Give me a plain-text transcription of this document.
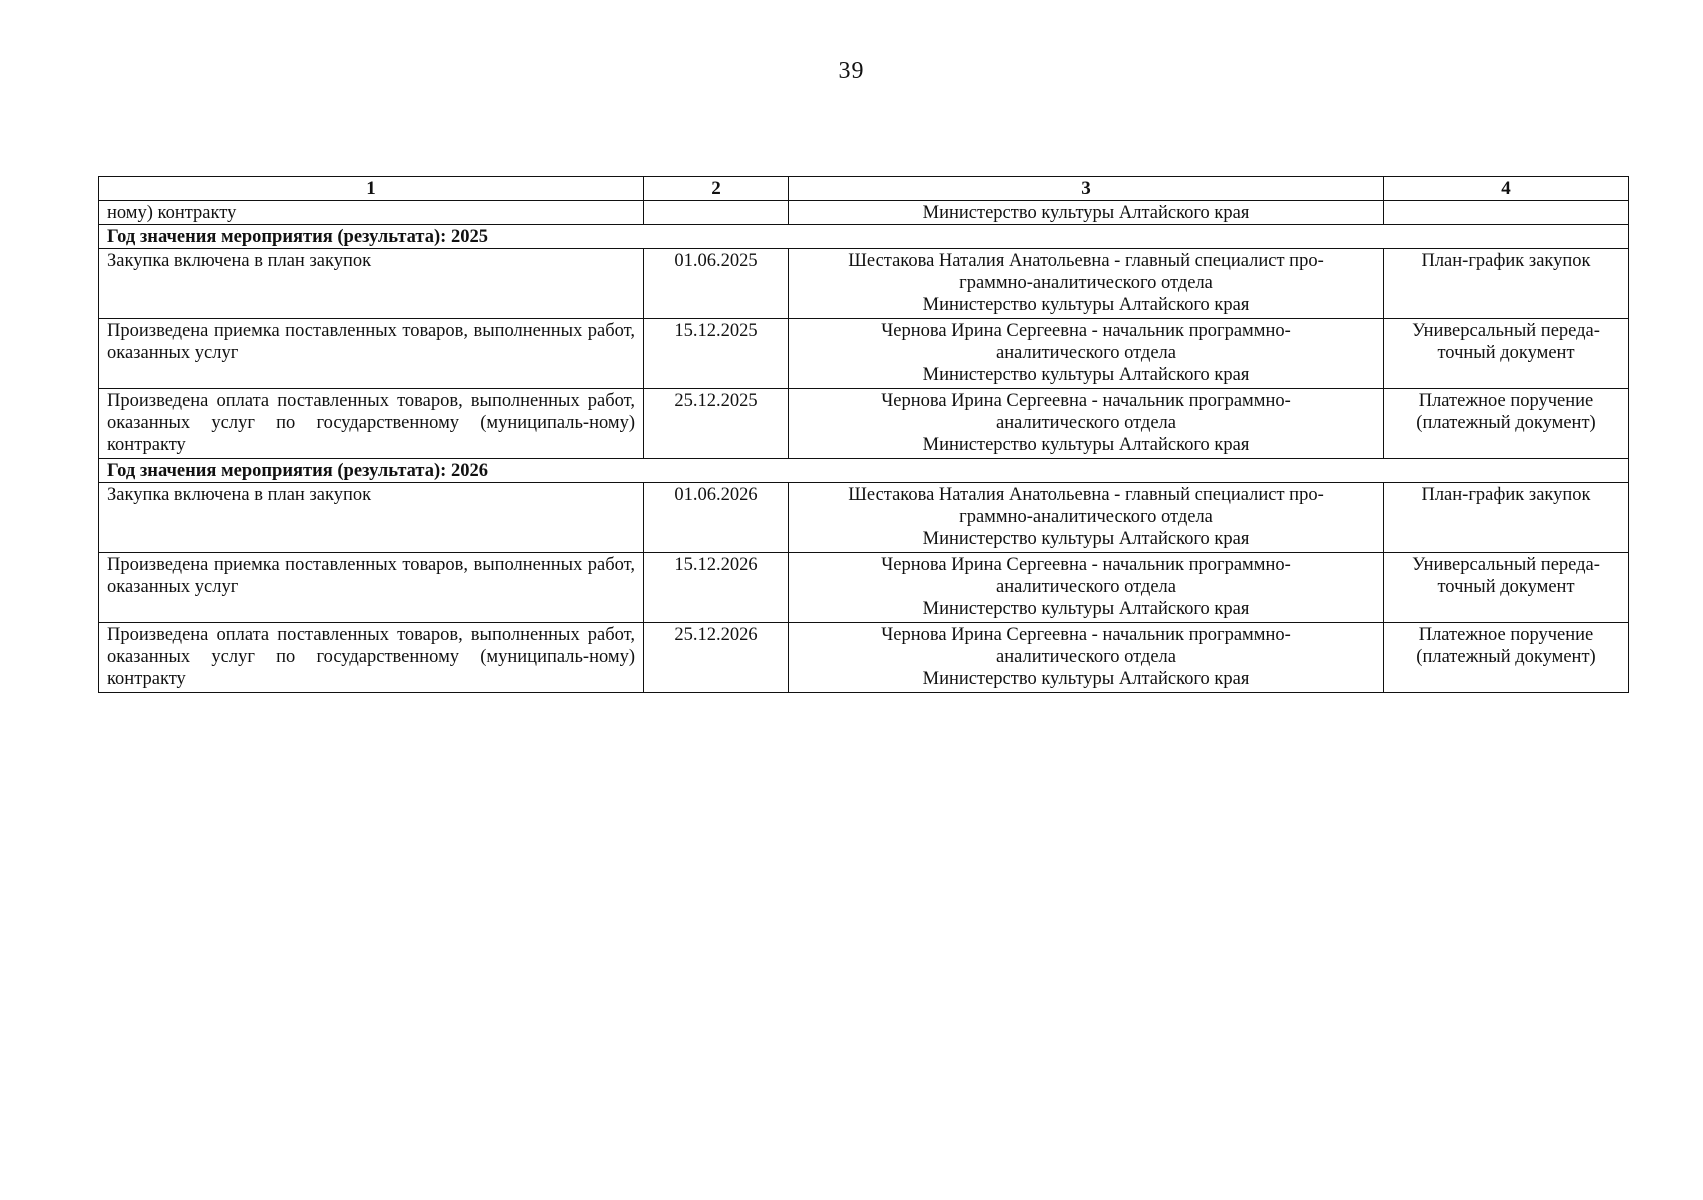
39
1	2	3	4
ному) контракту		Министерство культуры Алтайского края	
Год значения мероприятия (результата): 2025			
Закупка включена в план закупок	01.06.2025	Шестакова Наталия Анатольевна - главный специалист про-
граммно-аналитического отдела
Министерство культуры Алтайского края	План-график закупок

Произведена приемка поставленных товаров, выполненных работ, оказанных услуг	15.12.2025	Чернова Ирина Сергеевна - начальник программно-
аналитического отдела
Министерство культуры Алтайского края	Универсальный переда-
точный документ

Произведена оплата поставленных товаров, выполненных работ, оказанных услуг по государственному (муниципаль-ному) контракту	25.12.2025	Чернова Ирина Сергеевна - начальник программно-
аналитического отдела
Министерство культуры Алтайского края	Платежное поручение
(платежный документ)

Год значения мероприятия (результата): 2026			
Закупка включена в план закупок	01.06.2026	Шестакова Наталия Анатольевна - главный специалист про-
граммно-аналитического отдела
Министерство культуры Алтайского края	План-график закупок

Произведена приемка поставленных товаров, выполненных работ, оказанных услуг	15.12.2026	Чернова Ирина Сергеевна - начальник программно-
аналитического отдела
Министерство культуры Алтайского края	Универсальный переда-
точный документ

Произведена оплата поставленных товаров, выполненных работ, оказанных услуг по государственному (муниципаль-ному) контракту	25.12.2026	Чернова Ирина Сергеевна - начальник программно-
аналитического отдела
Министерство культуры Алтайского края	Платежное поручение
(платежный документ)
